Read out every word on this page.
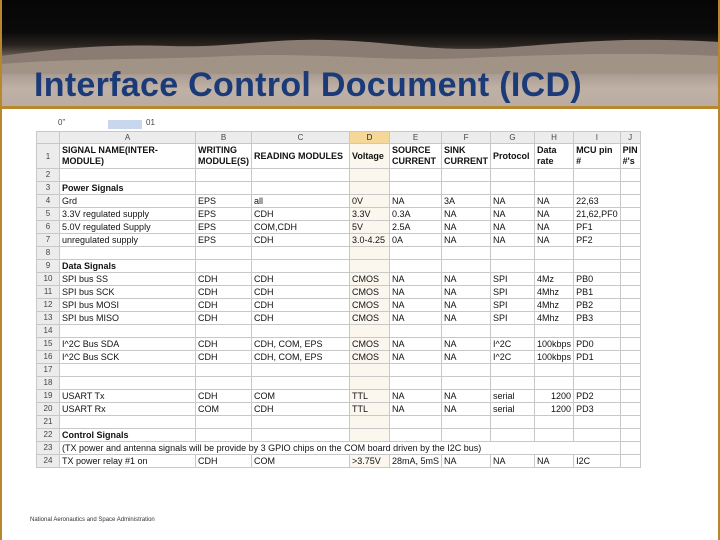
Interface Control Document (ICD)
0”	01
	A	B	C	D	E	F	G	H	I	J
1	SIGNAL NAME(INTER-MODULE)	WRITING MODULE(S)	READING MODULES	Voltage	SOURCE CURRENT	SINK CURRENT	Protocol	Data rate	MCU pin #	PIN #'s
2										
3	Power Signals									
4	Grd	EPS	all	0V	NA	3A	NA	NA	22,63	
5	3.3V regulated supply	EPS	CDH	3.3V	0.3A	NA	NA	NA	21,62,PF0	
6	5.0V regulated Supply	EPS	COM,CDH	5V	2.5A	NA	NA	NA	PF1	
7	unregulated supply	EPS	CDH	3.0-4.25	0A	NA	NA	NA	PF2	
8										
9	Data Signals									
10	SPI bus SS	CDH	CDH	CMOS	NA	NA	SPI	4Mz	PB0	
11	SPI bus SCK	CDH	CDH	CMOS	NA	NA	SPI	4Mhz	PB1	
12	SPI bus MOSI	CDH	CDH	CMOS	NA	NA	SPI	4Mhz	PB2	
13	SPI bus MISO	CDH	CDH	CMOS	NA	NA	SPI	4Mhz	PB3	
14										
15	I^2C Bus SDA	CDH	CDH, COM, EPS	CMOS	NA	NA	I^2C	100kbps	PD0	
16	I^2C Bus SCK	CDH	CDH, COM, EPS	CMOS	NA	NA	I^2C	100kbps	PD1	
17										
18										
19	USART Tx	CDH	COM	TTL	NA	NA	serial	1200	PD2	
20	USART Rx	COM	CDH	TTL	NA	NA	serial	1200	PD3	
21										
22	Control Signals									
23	(TX power and antenna signals will be provide by 3 GPIO chips on the COM board driven by the I2C bus)									
24	TX power relay #1 on	CDH	COM	>3.75V	28mA, 5mS	NA	NA	NA	I2C	
National Aeronautics and Space Administration
